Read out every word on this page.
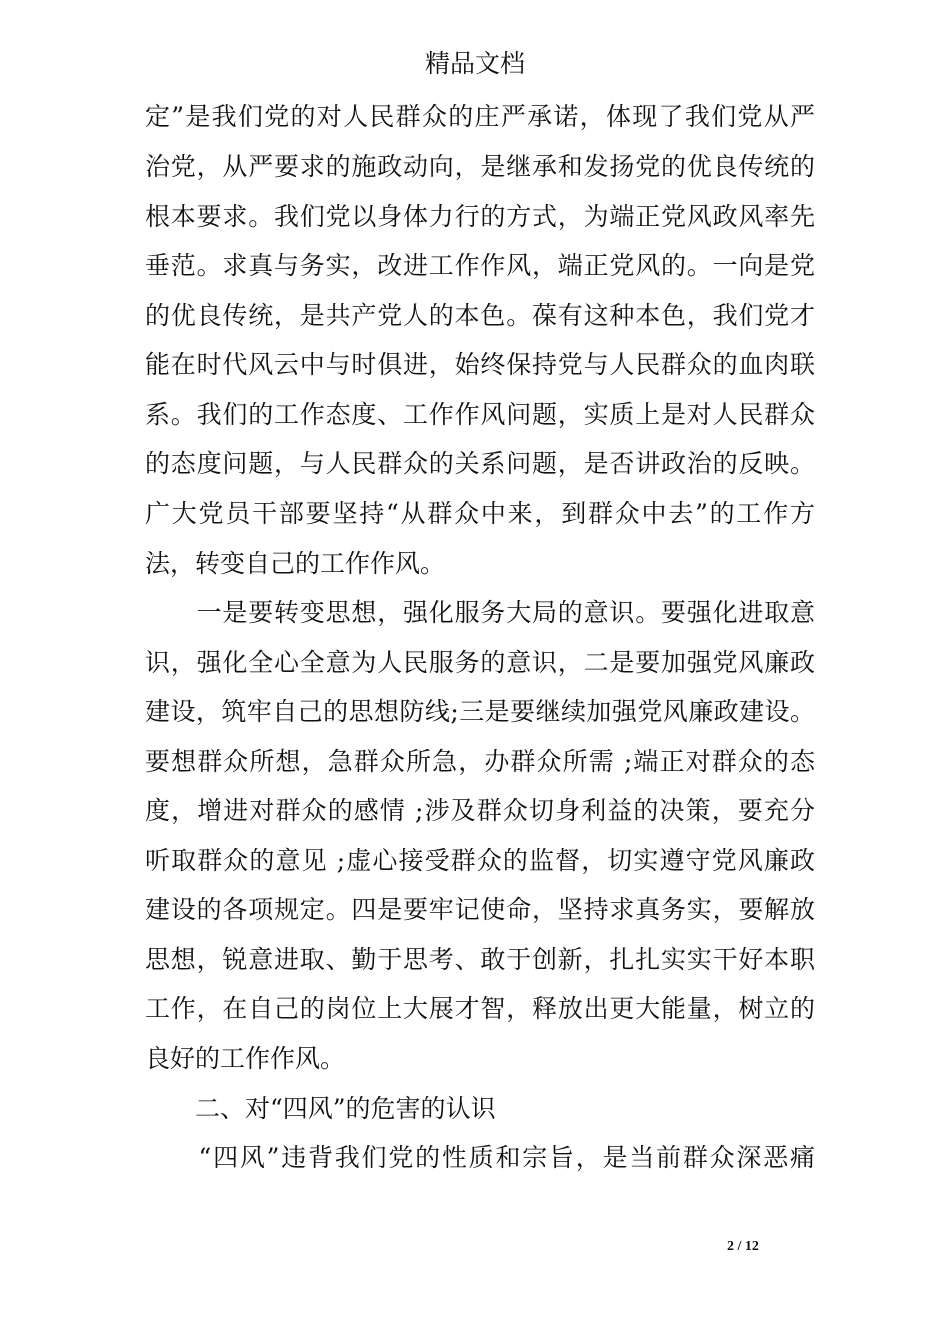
精品文档
定”是我们党的对人民群众的庄严承诺，体现了我们党从严
治党，从严要求的施政动向，是继承和发扬党的优良传统的
根本要求。我们党以身体力行的方式，为端正党风政风率先
垂范。求真与务实，改进工作作风，端正党风的。一向是党
的优良传统，是共产党人的本色。葆有这种本色，我们党才
能在时代风云中与时俱进，始终保持党与人民群众的血肉联
系。我们的工作态度、工作作风问题，实质上是对人民群众
的态度问题，与人民群众的关系问题，是否讲政治的反映。
广大党员干部要坚持“从群众中来，到群众中去”的工作方
法，转变自己的工作作风。
　　一是要转变思想，强化服务大局的意识。要强化进取意
识，强化全心全意为人民服务的意识，二是要加强党风廉政
建设，筑牢自己的思想防线;三是要继续加强党风廉政建设。
要想群众所想，急群众所急，办群众所需 ;端正对群众的态
度，增进对群众的感情 ;涉及群众切身利益的决策，要充分
听取群众的意见 ;虚心接受群众的监督，切实遵守党风廉政
建设的各项规定。四是要牢记使命，坚持求真务实，要解放
思想，锐意进取、勤于思考、敢于创新，扎扎实实干好本职
工作，在自己的岗位上大展才智，释放出更大能量，树立的
良好的工作作风。
　　二、对“四风”的危害的认识
　　“四风”违背我们党的性质和宗旨，是当前群众深恶痛
2 / 12
